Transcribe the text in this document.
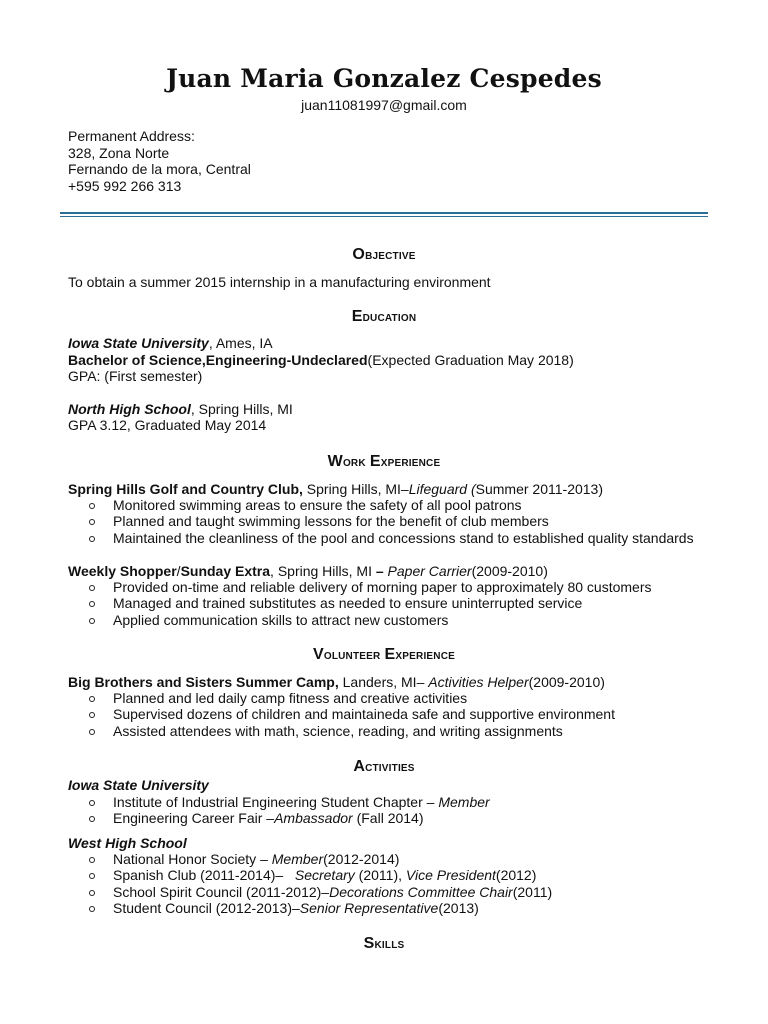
Juan Maria Gonzalez Cespedes
juan11081997@gmail.com
Permanent Address:
328, Zona Norte
Fernando de la mora, Central
+595 992 266 313
Objective
To obtain a summer 2015 internship in a manufacturing environment
Education
Iowa State University, Ames, IA
Bachelor of Science,Engineering-Undeclared(Expected Graduation May 2018)
GPA: (First semester)
North High School, Spring Hills, MI
GPA 3.12, Graduated May 2014
Work Experience
Spring Hills Golf and Country Club, Spring Hills, MI–Lifeguard (Summer 2011-2013)
Monitored swimming areas to ensure the safety of all pool patrons
Planned and taught swimming lessons for the benefit of club members
Maintained the cleanliness of the pool and concessions stand to established quality standards
Weekly Shopper/Sunday Extra, Spring Hills, MI – Paper Carrier(2009-2010)
Provided on-time and reliable delivery of morning paper to approximately 80 customers
Managed and trained substitutes as needed to ensure uninterrupted service
Applied communication skills to attract new customers
Volunteer Experience
Big Brothers and Sisters Summer Camp, Landers, MI– Activities Helper(2009-2010)
Planned and led daily camp fitness and creative activities
Supervised dozens of children and maintaineda safe and supportive environment
Assisted attendees with math, science, reading, and writing assignments
Activities
Iowa State University
Institute of Industrial Engineering Student Chapter – Member
Engineering Career Fair –Ambassador (Fall 2014)
West High School
National Honor Society – Member(2012-2014)
Spanish Club (2011-2014)–   Secretary (2011), Vice President(2012)
School Spirit Council (2011-2012)–Decorations Committee Chair(2011)
Student Council (2012-2013)–Senior Representative(2013)
Skills
